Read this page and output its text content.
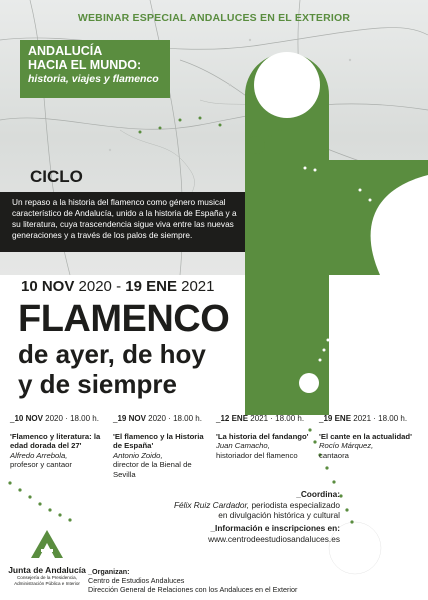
WEBINAR ESPECIAL ANDALUCES EN EL EXTERIOR
ANDALUCÍA
HACIA EL MUNDO:
historia, viajes y flamenco
CICLO
Un repaso a la historia del flamenco como género musical característico de Andalucía, unido a la historia de España y a su literatura, cuya trascendencia sigue viva entre las nuevas generaciones y a través de los palos de siempre.
10 NOV 2020 - 19 ENE 2021
FLAMENCO
de ayer, de hoy
y de siempre
_10 NOV 2020 · 18.00 h.
'Flamenco y literatura: la edad dorada del 27'
Alfredo Arrebola,
profesor y cantaor
_19 NOV 2020 · 18.00 h.
'El flamenco y la Historia de España'
Antonio Zoido,
director de la Bienal de Sevilla
_12 ENE 2021 · 18.00 h.
'La historia del fandango'
Juan Camacho,
historiador del flamenco
_19 ENE 2021 · 18.00 h.
'El cante en la actualidad'
Rocío Márquez,
cantaora
_Coordina:
Félix Ruiz Cardador, periodista especializado
en divulgación histórica y cultural
_Información e inscripciones en:
www.centrodeestudiosandaluces.es
Junta de Andalucía
Consejería de la Presidencia,
Administración Pública e Interior
_Organizan:
Centro de Estudios Andaluces
Dirección General de Relaciones con los Andaluces en el Exterior
